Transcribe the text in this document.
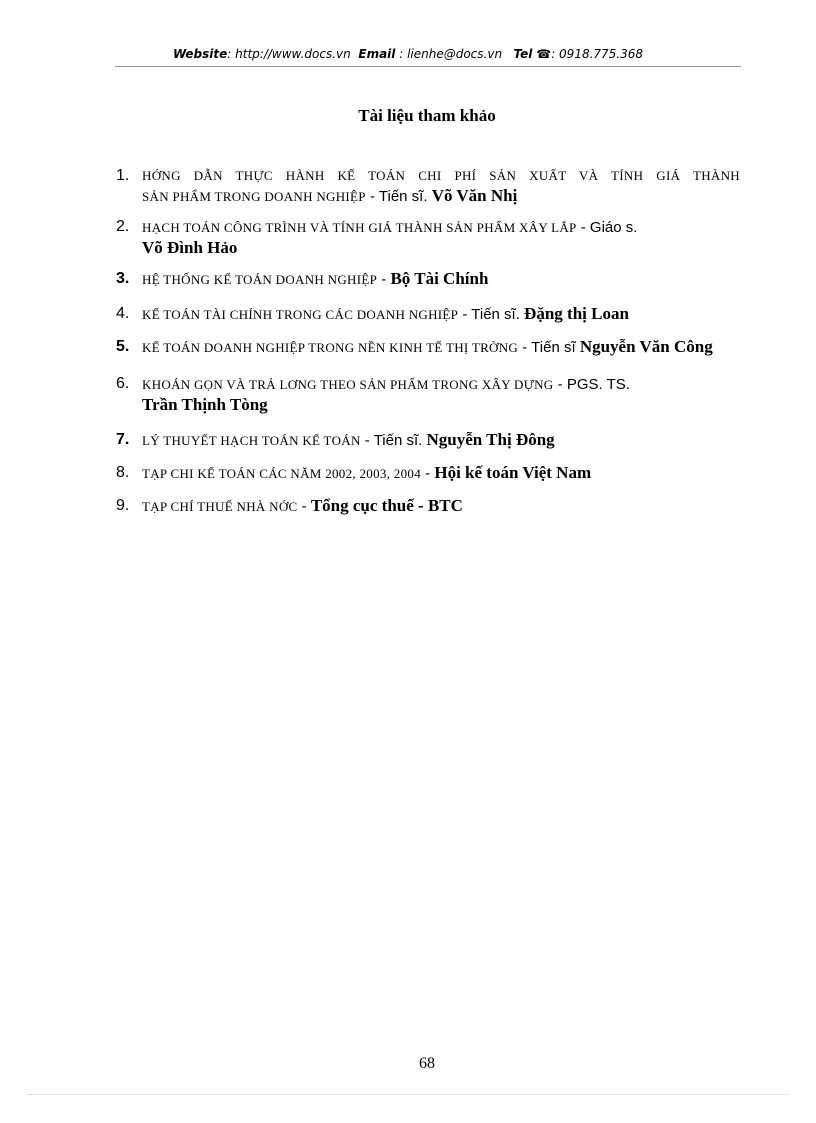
Website: http://www.docs.vn Email : lienhe@docs.vn Tel ☎: 0918.775.368
Tài liệu tham khảo
1. HỚNG DẪN THỰC HÀNH KẾ TOÁN CHI PHÍ SẢN XUẤT VÀ TÍNH GIÁ THÀNH
SẢN PHẨM TRONG DOANH NGHIỆP - Tiến sĩ. Võ Văn Nhị
2. HẠCH TOÁN CÔNG TRÌNH VÀ TÍNH GIÁ THÀNH SẢN PHẨM XÂY LẮP - Giáo s.
Võ Đình Hảo
3. HỆ THỐNG KẾ TOÁN DOANH NGHIỆP - Bộ Tài Chính
4. KẾ TOÁN TÀI CHÍNH TRONG CÁC DOANH NGHIỆP - Tiến sĩ. Đặng thị Loan
5. KẾ TOÁN DOANH NGHIỆP TRONG NỀN KINH TẾ THỊ TRỜNG - Tiến sĩ Nguyễn Văn Công
6. KHOÁN GỌN VÀ TRẢ LƠNG THEO SẢN PHẨM TRONG XÂY DỰNG - PGS. TS.
Trần Thịnh Tòng
7. LÝ THUYẾT HẠCH TOÁN KẾ TOÁN - Tiến sĩ. Nguyễn Thị Đông
8. TẠP CHI KẾ TOÁN CÁC NĂM 2002, 2003, 2004 - Hội kế toán Việt Nam
9. TẠP CHÍ THUẾ NHÀ NỚC - Tổng cục thuế - BTC
68
